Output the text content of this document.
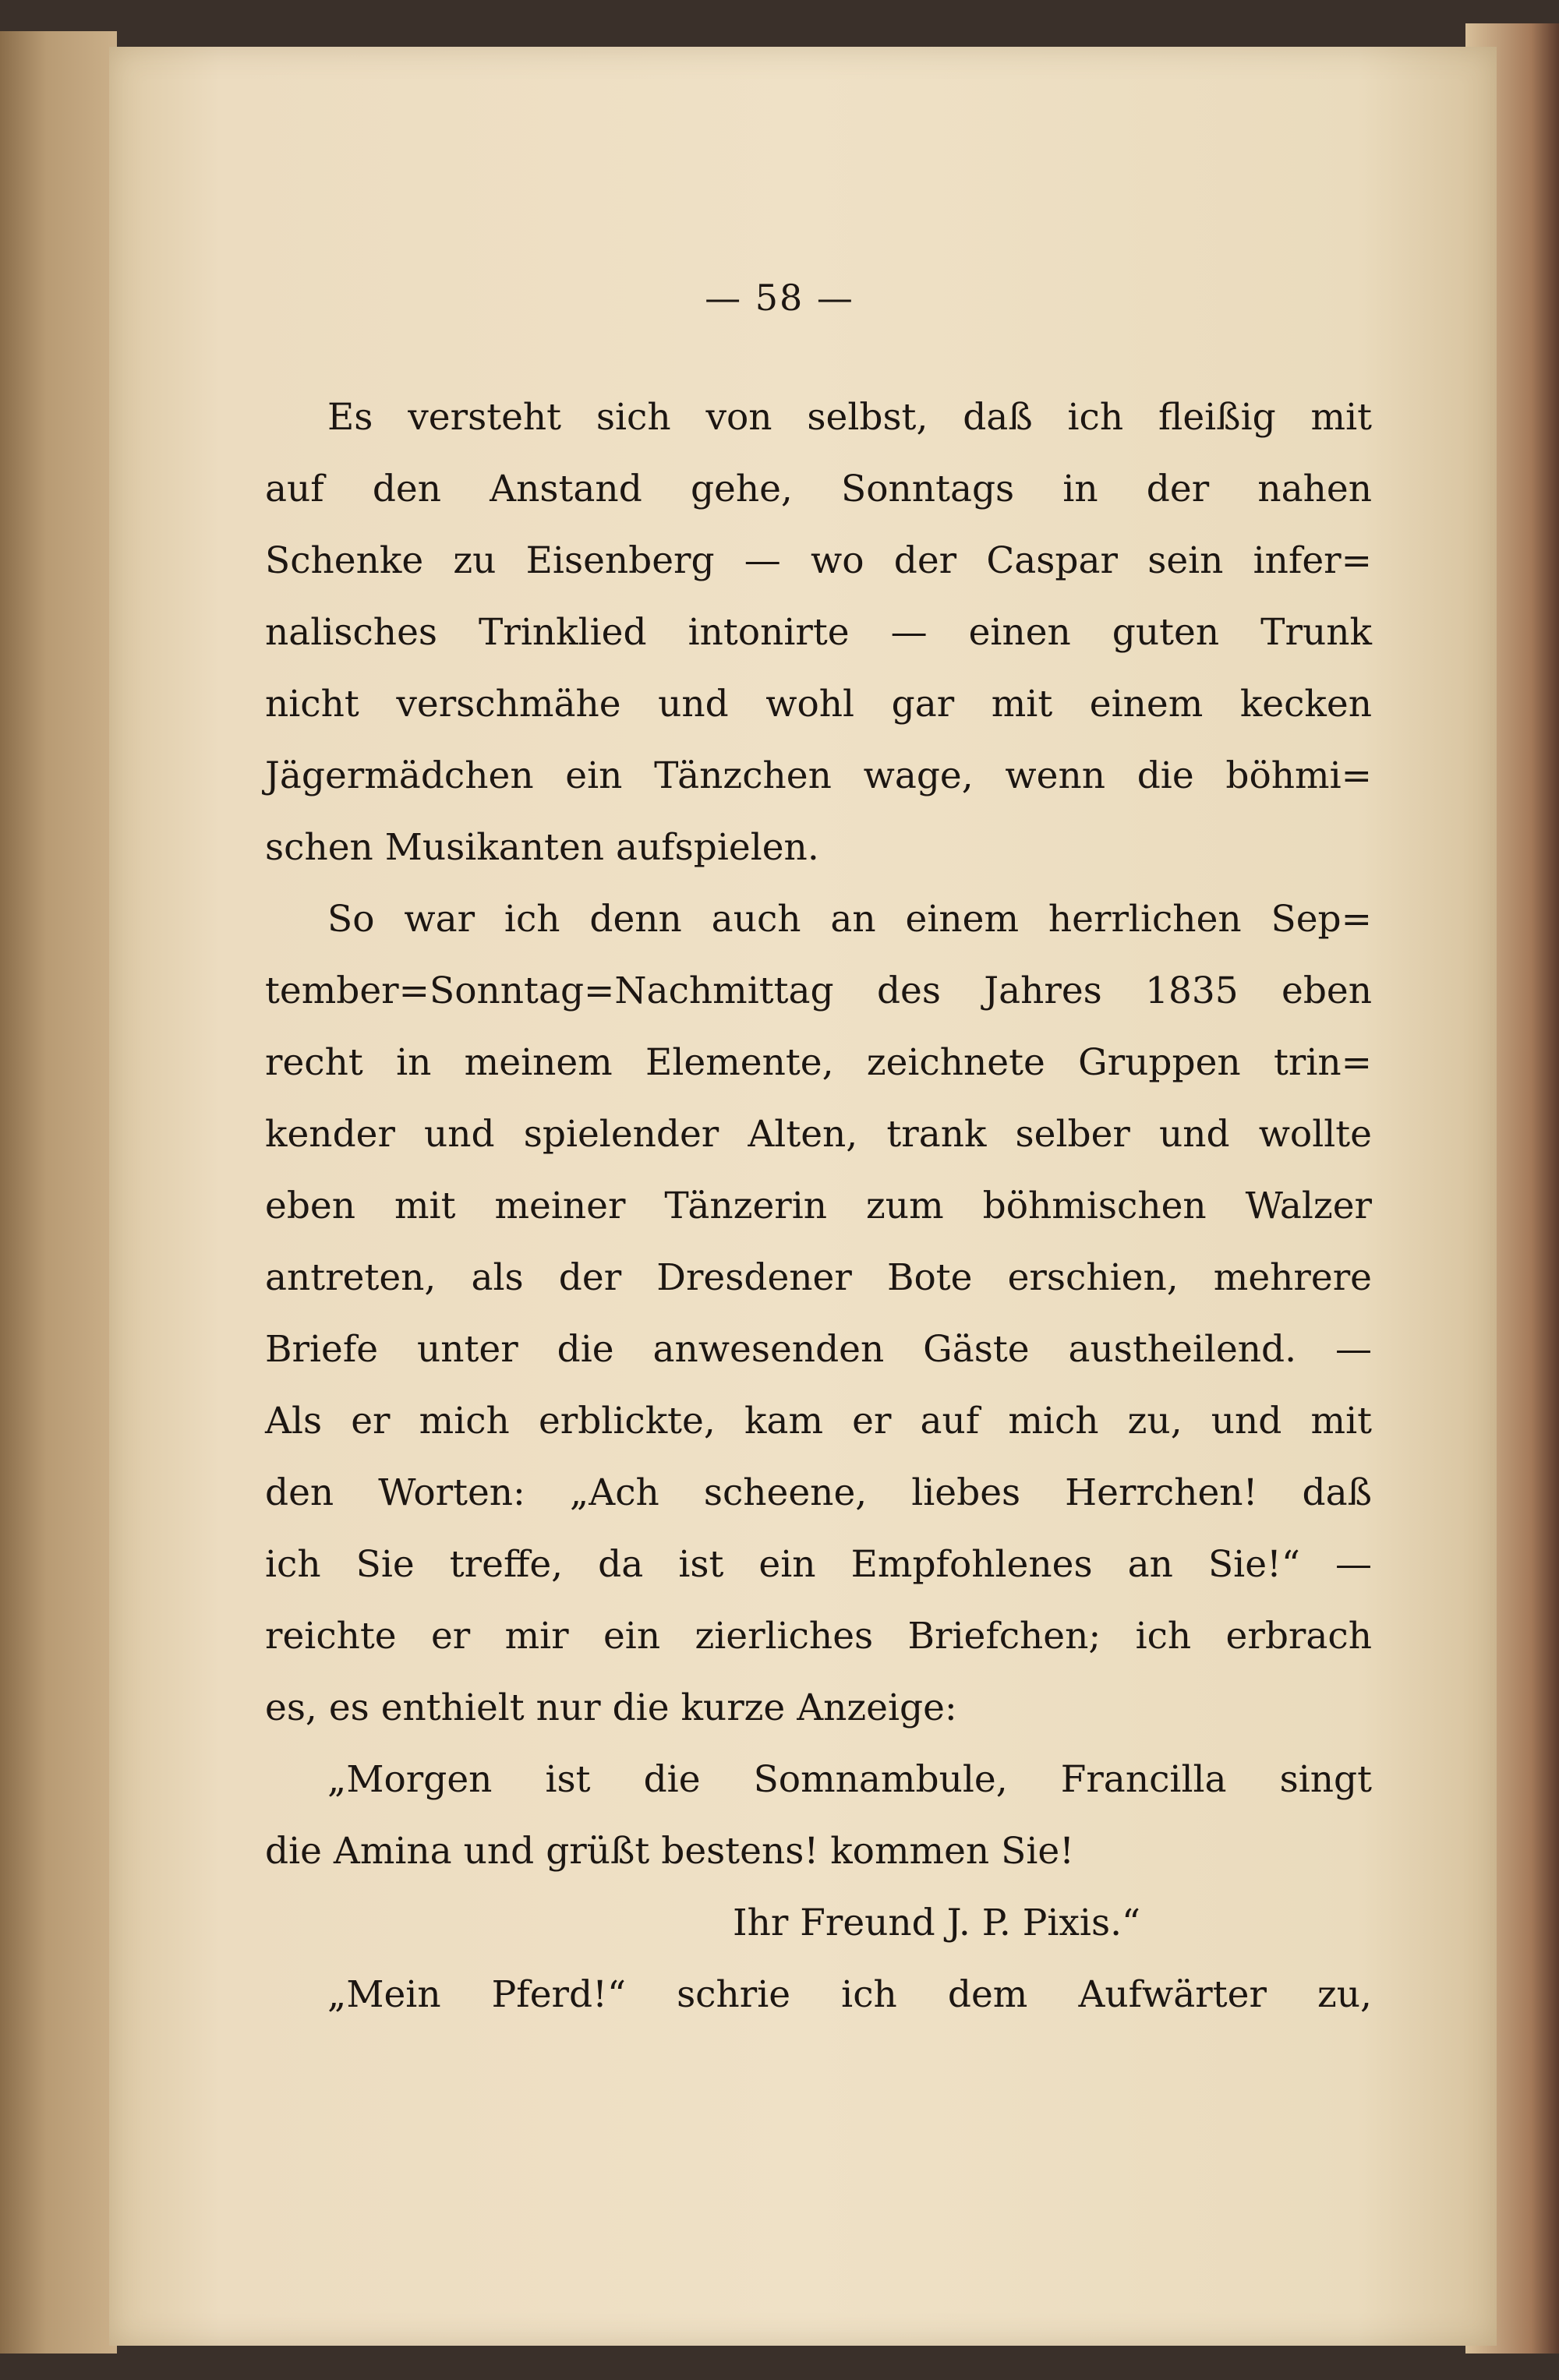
— 58 —
Es versteht sich von selbst, daß ich fleißig mit
auf den Anstand gehe, Sonntags in der nahen
Schenke zu Eisenberg — wo der Caspar sein infer=
nalisches Trinklied intonirte — einen guten Trunk
nicht verschmähe und wohl gar mit einem kecken
Jägermädchen ein Tänzchen wage, wenn die böhmi=
schen Musikanten aufspielen.
So war ich denn auch an einem herrlichen Sep=
tember=Sonntag=Nachmittag des Jahres 1835 eben
recht in meinem Elemente, zeichnete Gruppen trin=
kender und spielender Alten, trank selber und wollte
eben mit meiner Tänzerin zum böhmischen Walzer
antreten, als der Dresdener Bote erschien, mehrere
Briefe unter die anwesenden Gäste austheilend. —
Als er mich erblickte, kam er auf mich zu, und mit
den Worten: „Ach scheene, liebes Herrchen! daß
ich Sie treffe, da ist ein Empfohlenes an Sie!“ —
reichte er mir ein zierliches Briefchen; ich erbrach
es, es enthielt nur die kurze Anzeige:
„Morgen ist die Somnambule, Francilla singt
die Amina und grüßt bestens! kommen Sie!
Ihr Freund J. P. Pixis.“
„Mein Pferd!“ schrie ich dem Aufwärter zu,
